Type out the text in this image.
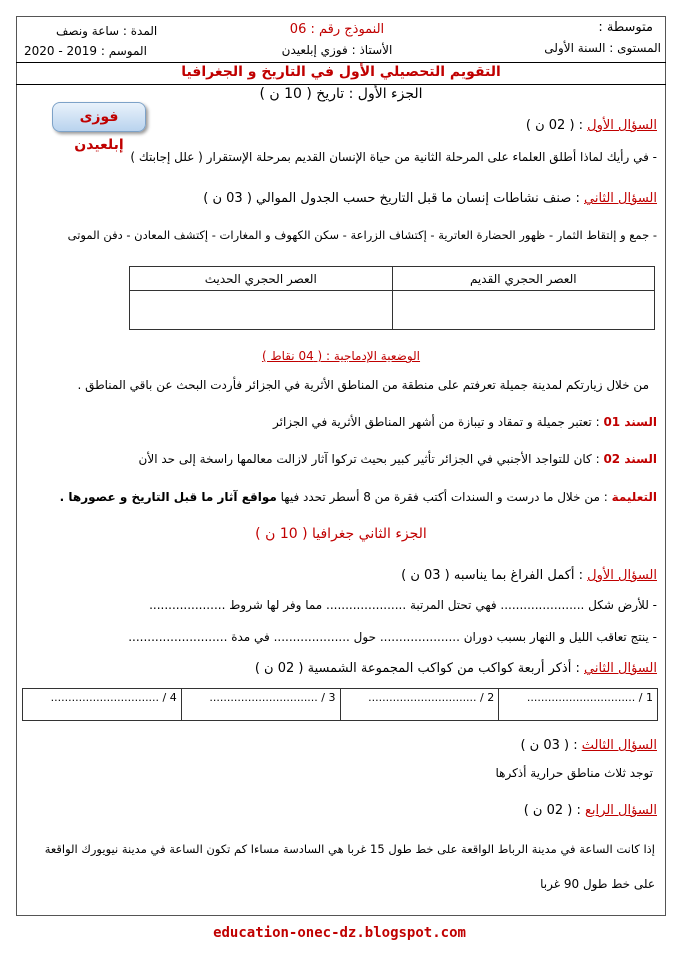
متوسطة :
المستوى : السنة الأولى
النموذج رقم : 06
الأستاذ : فوزي إبلعيدن
المدة : ساعة ونصف
الموسم : 2019 - 2020
التقويم التحصيلي الأول في التاريخ و الجغرافيا
الجزء الأول : تاريخ ( 10 ن )
فوزى إبلعيدن
السؤال الأول : ( 02 ن )
- في رأيك لماذا أطلق العلماء على المرحلة الثانية من حياة الإنسان القديم بمرحلة الإستقرار ( علل إجابتك )
السؤال الثاني : صنف نشاطات إنسان ما قبل التاريخ حسب الجدول الموالي ( 03 ن )
- جمع و إلتقاط الثمار - ظهور الحضارة العاترية - إكتشاف الزراعة - سكن الكهوف و المغارات - إكتشف المعادن - دفن الموتى
العصر الحجري القديم	العصر الحجري الحديث

الوضعية الإدماجية : ( 04 نقاط )
من خلال زيارتكم لمدينة جميلة تعرفتم على منطقة من المناطق الأثرية في الجزائر فأردت البحث عن باقي المناطق .
السند 01 : تعتبر جميلة و تمقاد و تيبازة من أشهر المناطق الأثرية في الجزائر
السند 02 : كان للتواجد الأجنبي في الجزائر تأثير كبير بحيث تركوا آثار لازالت معالمها راسخة إلى حد الأن
التعليمة : من خلال ما درست و السندات أكتب فقرة من 8 أسطر تحدد فيها مواقع آثار ما قبل التاريخ و عصورها .
الجزء الثاني جغرافيا ( 10 ن )
السؤال الأول : أكمل الفراغ بما يناسبه ( 03 ن )
- للأرض شكل ...................... فهي تحتل المرتبة ..................... مما وفر لها شروط ....................
- ينتج تعاقب الليل و النهار بسبب دوران ..................... حول .................... في مدة ..........................
السؤال الثاني : أذكر أربعة كواكب من كواكب المجموعة الشمسية ( 02 ن )
1 / ...............................	2 / ...............................	3 / ...............................	4 / ...............................
السؤال الثالث : ( 03 ن )
توجد ثلاث مناطق حرارية أذكرها
السؤال الرابع : ( 02 ن )
إذا كانت الساعة في مدينة الرباط الواقعة على خط طول 15 غربا هي السادسة مساءا كم تكون الساعة في مدينة نيويورك الواقعة
على خط طول 90 غربا
education-onec-dz.blogspot.com
